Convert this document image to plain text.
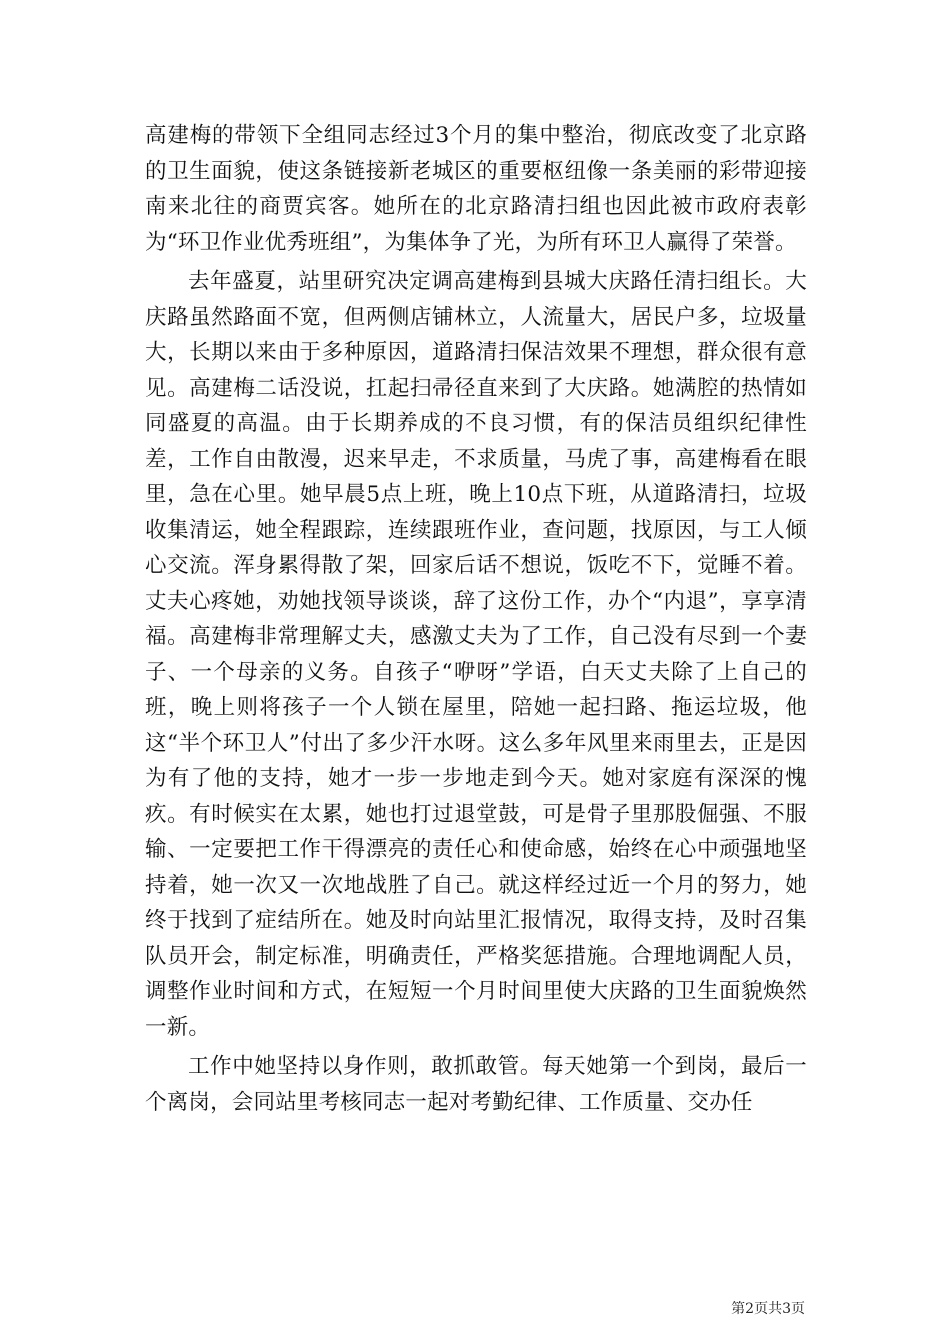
高建梅的带领下全组同志经过3个月的集中整治，彻底改变了北京路的卫生面貌，使这条链接新老城区的重要枢纽像一条美丽的彩带迎接南来北往的商贾宾客。她所在的北京路清扫组也因此被市政府表彰为“环卫作业优秀班组”，为集体争了光，为所有环卫人赢得了荣誉。

去年盛夏，站里研究决定调高建梅到县城大庆路任清扫组长。大庆路虽然路面不宽，但两侧店铺林立，人流量大，居民户多，垃圾量大，长期以来由于多种原因，道路清扫保洁效果不理想，群众很有意见。高建梅二话没说，扛起扫帚径直来到了大庆路。她满腔的热情如同盛夏的高温。由于长期养成的不良习惯，有的保洁员组织纪律性差，工作自由散漫，迟来早走，不求质量，马虎了事，高建梅看在眼里，急在心里。她早晨5点上班，晚上10点下班，从道路清扫，垃圾收集清运，她全程跟踪，连续跟班作业，查问题，找原因，与工人倾心交流。浑身累得散了架，回家后话不想说，饭吃不下，觉睡不着。丈夫心疼她，劝她找领导谈谈，辞了这份工作，办个“内退”，享享清福。高建梅非常理解丈夫，感激丈夫为了工作，自己没有尽到一个妻子、一个母亲的义务。自孩子“咿呀”学语，白天丈夫除了上自己的班，晚上则将孩子一个人锁在屋里，陪她一起扫路、拖运垃圾，他这“半个环卫人”付出了多少汗水呀。这么多年风里来雨里去，正是因为有了他的支持，她才一步一步地走到今天。她对家庭有深深的愧疚。有时候实在太累，她也打过退堂鼓，可是骨子里那股倔强、不服输、一定要把工作干得漂亮的责任心和使命感，始终在心中顽强地坚持着，她一次又一次地战胜了自己。就这样经过近一个月的努力，她终于找到了症结所在。她及时向站里汇报情况，取得支持，及时召集队员开会，制定标准，明确责任，严格奖惩措施。合理地调配人员，调整作业时间和方式，在短短一个月时间里使大庆路的卫生面貌焕然一新。

工作中她坚持以身作则，敢抓敢管。每天她第一个到岗，最后一个离岗，会同站里考核同志一起对考勤纪律、工作质量、交办任

第2页共3页
